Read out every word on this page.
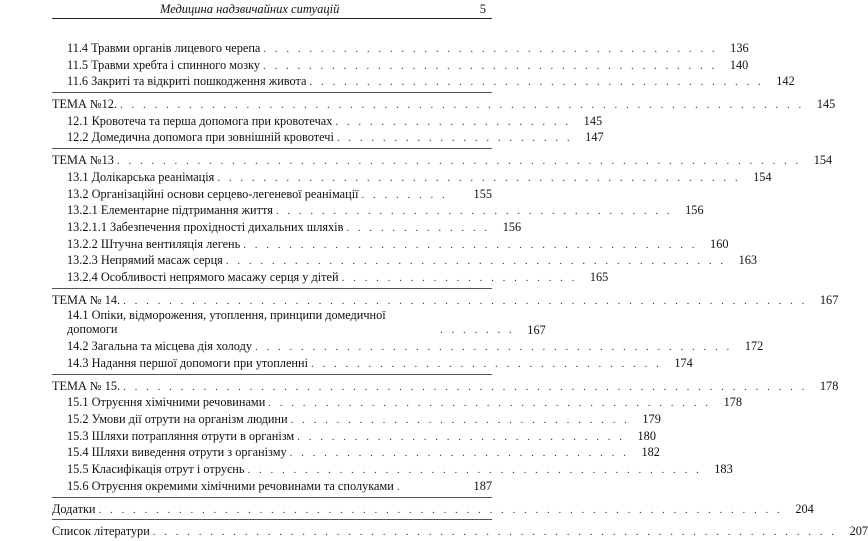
Медицина надзвичайних ситуацій	5
11.4 Травми органів лицевого черепа . . . . . . . . . . . . . . . . . . . . . . . . . . . . . . . . . . . . . . . .	136
11.5 Травми хребта і спинного мозку . . . . . . . . . . . . . . . . . . . . . . . . . . . . . . . . . . . . . . . .	140
11.6 Закриті та відкриті пошкодження живота . . . . . . . . . . . . . . . . . . . . . . . . . . . . . . . . . . . . . . . .	142
ТЕМА №12. . . . . . . . . . . . . . . . . . . . . . . . . . . . . . . . . . . . . . . . . . . . . . . . . . . . . . . . . . . . .	145
12.1 Кровотеча та перша допомога при кровотечах . . . . . . . . . . . . . . . . . . . . .	145
12.2 Домедична допомога при зовнішній кровотечі . . . . . . . . . . . . . . . . . . . . .	147
ТЕМА №13 . . . . . . . . . . . . . . . . . . . . . . . . . . . . . . . . . . . . . . . . . . . . . . . . . . . . . . . . . . . .	154
13.1 Долікарська реанімація . . . . . . . . . . . . . . . . . . . . . . . . . . . . . . . . . . . . . . . . . . . . . .	154
13.2 Організаційні основи серцево-легеневої реанімації . . . . . . . .	155
13.2.1 Елементарне підтримання життя . . . . . . . . . . . . . . . . . . . . . . . . . . . . . . . . . . .	156
13.2.1.1 Забезпечення прохідності дихальних шляхів . . . . . . . . . . . . .	156
13.2.2 Штучна вентиляція легень . . . . . . . . . . . . . . . . . . . . . . . . . . . . . . . . . . . . . . . .	160
13.2.3 Непрямий масаж серця . . . . . . . . . . . . . . . . . . . . . . . . . . . . . . . . . . . . . . . . . . . .	163
13.2.4 Особливості непрямого масажу серця у дітей . . . . . . . . . . . . . . . . . . . . .	165
ТЕМА № 14. . . . . . . . . . . . . . . . . . . . . . . . . . . . . . . . . . . . . . . . . . . . . . . . . . . . . . . . . . . . .	167
14.1 Опіки, відмороження, утоплення, принципи домедичної допомоги	. . . . . . .	167
14.2 Загальна та місцева дія холоду . . . . . . . . . . . . . . . . . . . . . . . . . . . . . . . . . . . . . . . . . .	172
14.3 Надання першої допомоги при утопленні . . . . . . . . . . . . . . . . . . . . . . . . . . . . . . .	174
ТЕМА № 15. . . . . . . . . . . . . . . . . . . . . . . . . . . . . . . . . . . . . . . . . . . . . . . . . . . . . . . . . . . . .	178
15.1 Отруєння хімічними речовинами . . . . . . . . . . . . . . . . . . . . . . . . . . . . . . . . . . . . . . .	178
15.2 Умови дії отрути на організм людини . . . . . . . . . . . . . . . . . . . . . . . . . . . . . .	179
15.3 Шляхи потрапляння отрути в організм . . . . . . . . . . . . . . . . . . . . . . . . . . . . .	180
15.4 Шляхи виведення отрути з організму . . . . . . . . . . . . . . . . . . . . . . . . . . . . . .	182
15.5 Класифікація отрут і отруєнь . . . . . . . . . . . . . . . . . . . . . . . . . . . . . . . . . . . . . . . .	183
15.6 Отруєння окремими хімічними речовинами та сполуками .	187
Додатки . . . . . . . . . . . . . . . . . . . . . . . . . . . . . . . . . . . . . . . . . . . . . . . . . . . . . . . . . . . .	204
Список літератури . . . . . . . . . . . . . . . . . . . . . . . . . . . . . . . . . . . . . . . . . . . . . . . . . . . . . . . . . . . .	207
